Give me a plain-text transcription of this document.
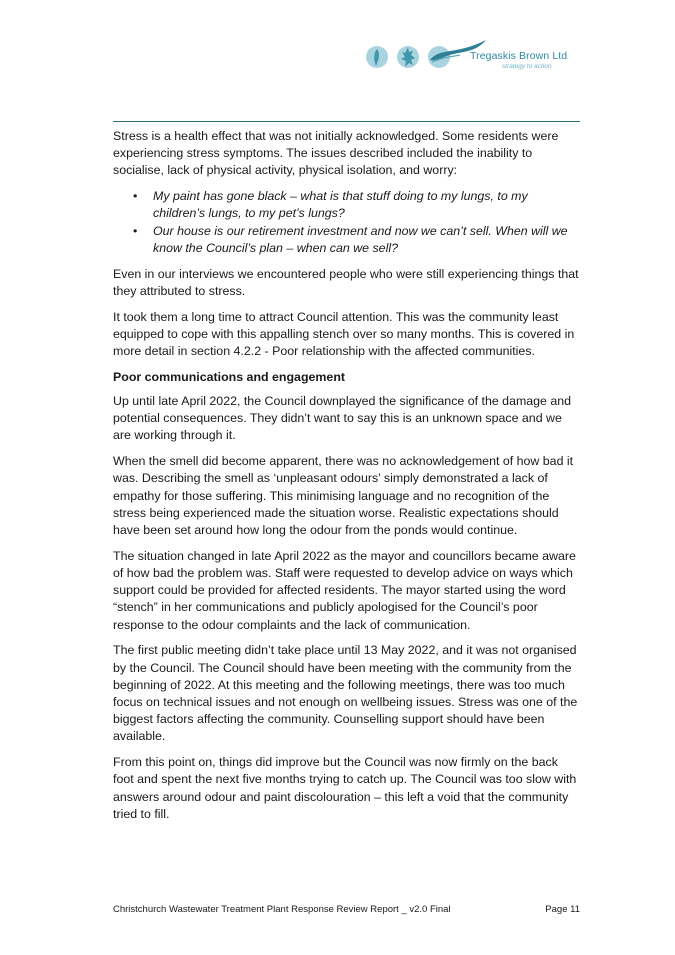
Tregaskis Brown Ltd
strategy to action

Stress is a health effect that was not initially acknowledged. Some residents were experiencing stress symptoms. The issues described included the inability to socialise, lack of physical activity, physical isolation, and worry:

• My paint has gone black – what is that stuff doing to my lungs, to my children’s lungs, to my pet’s lungs?
• Our house is our retirement investment and now we can’t sell. When will we know the Council’s plan – when can we sell?

Even in our interviews we encountered people who were still experiencing things that they attributed to stress.

It took them a long time to attract Council attention. This was the community least equipped to cope with this appalling stench over so many months. This is covered in more detail in section 4.2.2 - Poor relationship with the affected communities.

Poor communications and engagement

Up until late April 2022, the Council downplayed the significance of the damage and potential consequences. They didn’t want to say this is an unknown space and we are working through it.

When the smell did become apparent, there was no acknowledgement of how bad it was. Describing the smell as ‘unpleasant odours’ simply demonstrated a lack of empathy for those suffering. This minimising language and no recognition of the stress being experienced made the situation worse. Realistic expectations should have been set around how long the odour from the ponds would continue.

The situation changed in late April 2022 as the mayor and councillors became aware of how bad the problem was. Staff were requested to develop advice on ways which support could be provided for affected residents. The mayor started using the word “stench” in her communications and publicly apologised for the Council’s poor response to the odour complaints and the lack of communication.

The first public meeting didn’t take place until 13 May 2022, and it was not organised by the Council. The Council should have been meeting with the community from the beginning of 2022. At this meeting and the following meetings, there was too much focus on technical issues and not enough on wellbeing issues. Stress was one of the biggest factors affecting the community. Counselling support should have been available.

From this point on, things did improve but the Council was now firmly on the back foot and spent the next five months trying to catch up. The Council was too slow with answers around odour and paint discolouration – this left a void that the community tried to fill.

Christchurch Wastewater Treatment Plant Response Review Report _ v2.0 Final	Page 11
